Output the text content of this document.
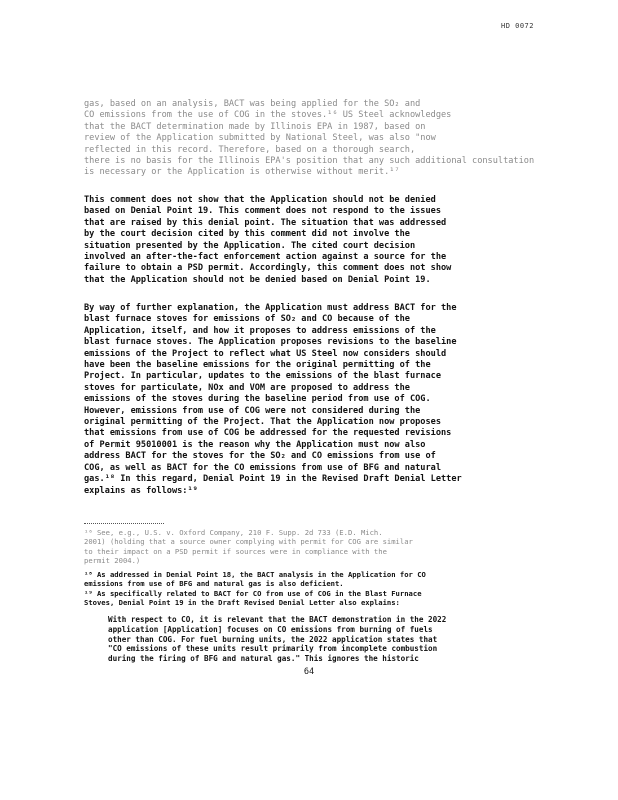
HD 0072

gas, based on an analysis, BACT was being applied for the SO₂ and

CO emissions from the use of COG in the stoves.¹⁶ US Steel acknowledges

that the BACT determination made by Illinois EPA in 1987, based on

review of the Application submitted by National Steel, was also "now

reflected in this record. Therefore, based on a thorough search,

there is no basis for the Illinois EPA's position that any such additional consultation

is necessary or the Application is otherwise without merit.¹⁷

This comment does not show that the Application should not be denied

based on Denial Point 19. This comment does not respond to the issues

that are raised by this denial point. The situation that was addressed

by the court decision cited by this comment did not involve the

situation presented by the Application. The cited court decision

involved an after-the-fact enforcement action against a source for the

failure to obtain a PSD permit. Accordingly, this comment does not show

that the Application should not be denied based on Denial Point 19.

By way of further explanation, the Application must address BACT for the

blast furnace stoves for emissions of SO₂ and CO because of the

Application, itself, and how it proposes to address emissions of the

blast furnace stoves. The Application proposes revisions to the baseline

emissions of the Project to reflect what US Steel now considers should

have been the baseline emissions for the original permitting of the

Project. In particular, updates to the emissions of the blast furnace

stoves for particulate, NOx and VOM are proposed to address the

emissions of the stoves during the baseline period from use of COG.

However, emissions from use of COG were not considered during the

original permitting of the Project. That the Application now proposes

that emissions from use of COG be addressed for the requested revisions

of Permit 95010001 is the reason why the Application must now also

address BACT for the stoves for the SO₂ and CO emissions from use of

COG, as well as BACT for the CO emissions from use of BFG and natural

gas.¹⁸ In this regard, Denial Point 19 in the Revised Draft Denial Letter

explains as follows:¹⁹

¹⁶ See, e.g., U.S. v. Oxford Company, 210 F. Supp. 2d 733 (E.D. Mich.

2001) (holding that a source owner complying with permit for COG are similar

to their impact on a PSD permit if sources were in compliance with the

permit 2004.)

¹⁸ As addressed in Denial Point 18, the BACT analysis in the Application for CO

emissions from use of BFG and natural gas is also deficient.

¹⁹ As specifically related to BACT for CO from use of COG in the Blast Furnace

Stoves, Denial Point 19 in the Draft Revised Denial Letter also explains:

With respect to CO, it is relevant that the BACT demonstration in the 2022

application [Application] focuses on CO emissions from burning of fuels

other than COG. For fuel burning units, the 2022 application states that

"CO emissions of these units result primarily from incomplete combustion

during the firing of BFG and natural gas." This ignores the historic

64
